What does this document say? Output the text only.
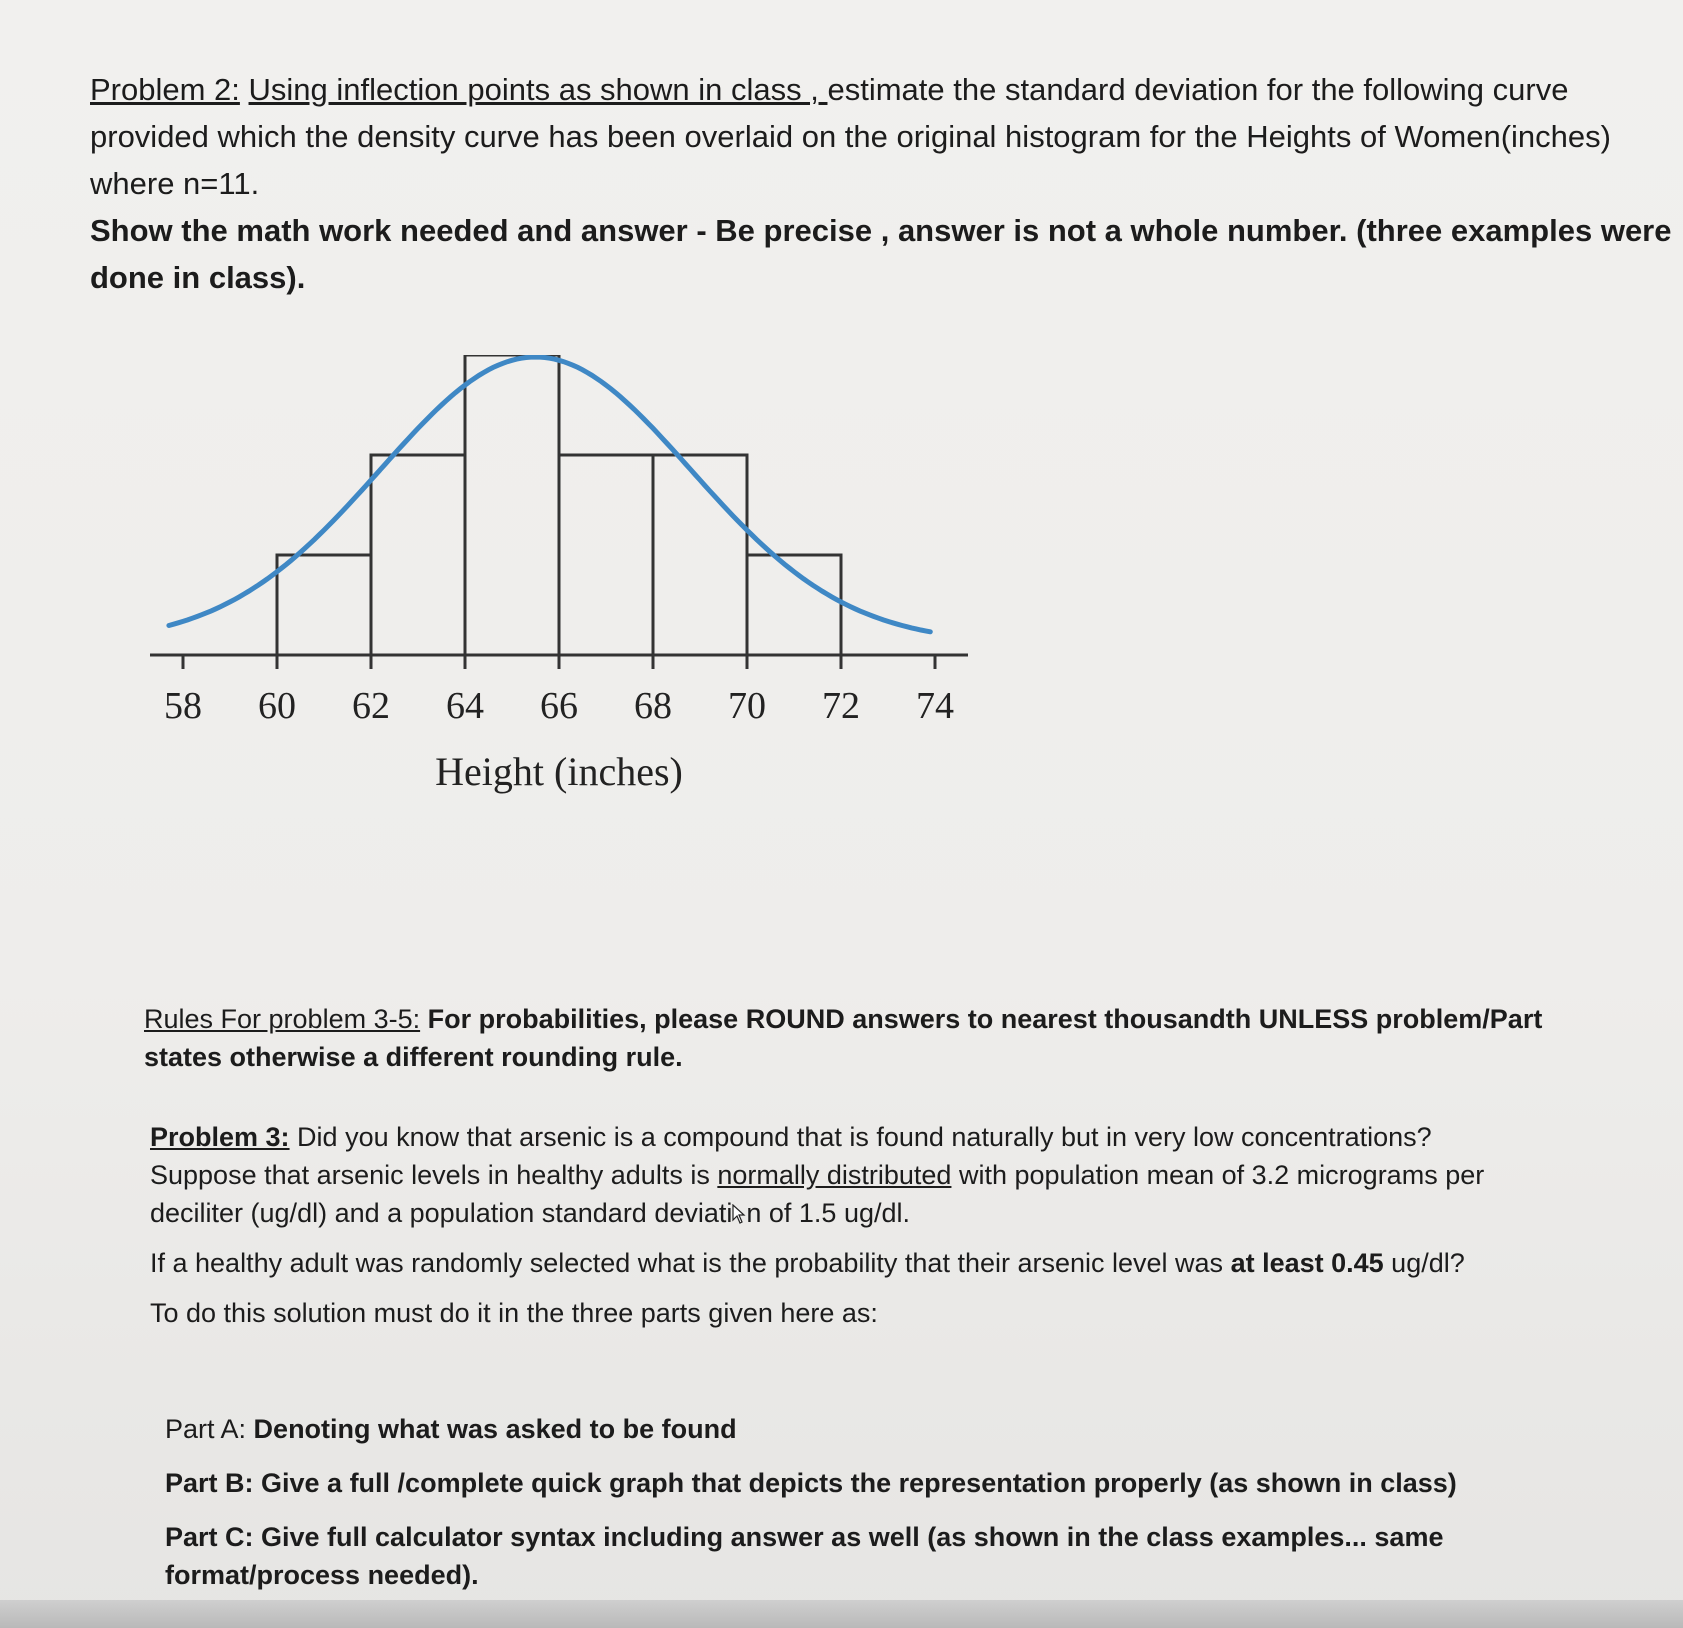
Problem 2: Using inflection points as shown in class , estimate the standard deviation for the following curve
provided which the density curve has been overlaid on the original histogram for the Heights of Women(inches)
where n=11.
Show the math work needed and answer - Be precise , answer is not a whole number. (three examples were
done in class).
58 60 62 64 66 68 70 72 74
Height (inches)
Rules For problem 3-5: For probabilities, please ROUND answers to nearest thousandth UNLESS problem/Part
states otherwise a different rounding rule.
Problem 3: Did you know that arsenic is a compound that is found naturally but in very low concentrations?
Suppose that arsenic levels in healthy adults is normally distributed with population mean of 3.2 micrograms per
deciliter (ug/dl) and a population standard deviati n of 1.5 ug/dl.
If a healthy adult was randomly selected what is the probability that their arsenic level was at least 0.45 ug/dl?
To do this solution must do it in the three parts given here as:
Part A: Denoting what was asked to be found
Part B: Give a full /complete quick graph that depicts the representation properly (as shown in class)
Part C: Give full calculator syntax including answer as well (as shown in the class examples... same
format/process needed).
